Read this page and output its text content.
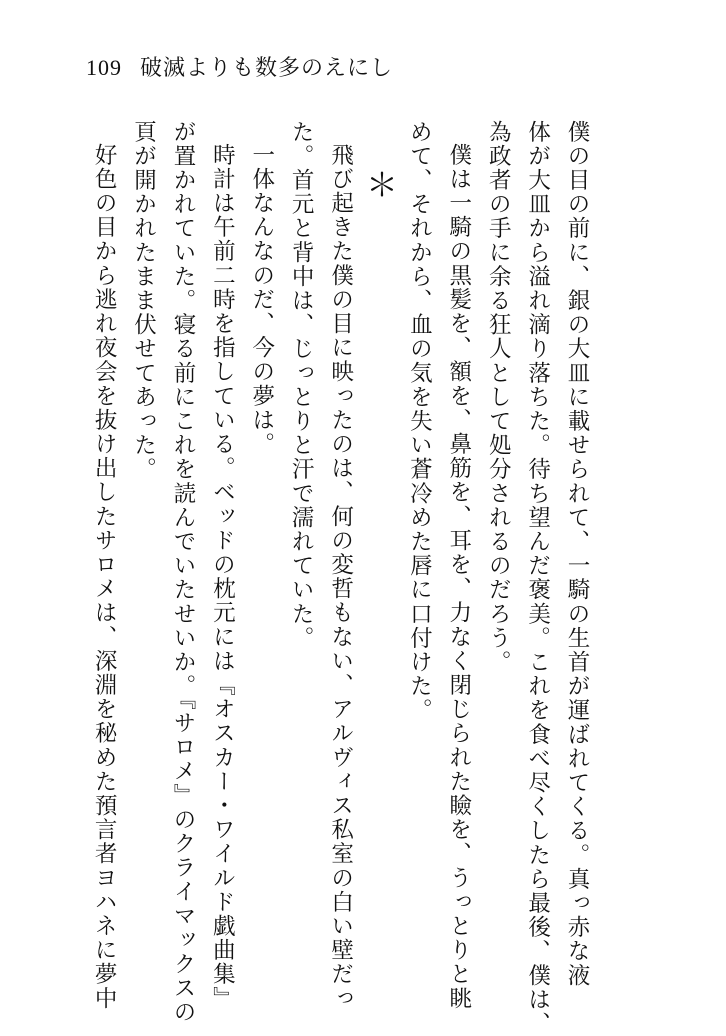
109 破滅よりも数多のえにし
僕の目の前に、銀の大皿に載せられて、一騎の生首が運ばれてくる。真っ赤な液
体が大皿から溢れ滴り落ちた。待ち望んだ褒美。これを食べ尽くしたら最後、僕は、
為政者の手に余る狂人として処分されるのだろう。
僕は一騎の黒髪を、額を、鼻筋を、耳を、力なく閉じられた瞼を、うっとりと眺
めて、それから、血の気を失い蒼冷めた唇に口付けた。
＊
飛び起きた僕の目に映ったのは、何の変哲もない、アルヴィス私室の白い壁だっ
た。首元と背中は、じっとりと汗で濡れていた。
一体なんなのだ、今の夢は。
時計は午前二時を指している。ベッドの枕元には『オスカー・ワイルド戯曲集』
が置かれていた。寝る前にこれを読んでいたせいか。『サロメ』のクライマックスの
頁が開かれたまま伏せてあった。
好色の目から逃れ夜会を抜け出したサロメは、深淵を秘めた預言者ヨハネに夢中
